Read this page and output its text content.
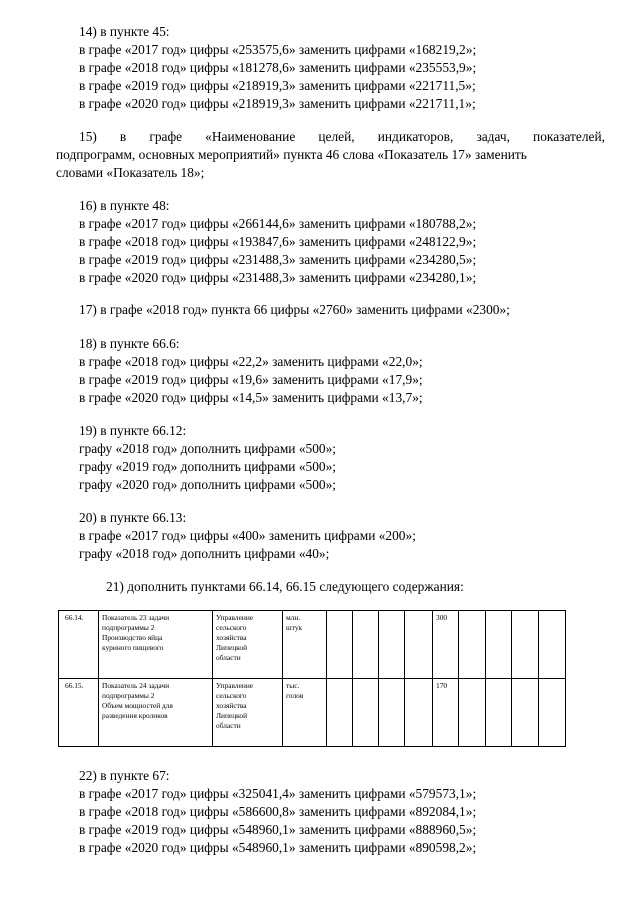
14) в пункте 45:
в графе «2017 год» цифры «253575,6» заменить цифрами «168219,2»;
в графе «2018 год» цифры «181278,6» заменить цифрами «235553,9»;
в графе «2019 год» цифры «218919,3» заменить цифрами «221711,5»;
в графе «2020 год» цифры «218919,3» заменить цифрами «221711,1»;
15) в графе «Наименование целей, индикаторов, задач, показателей,
подпрограмм, основных мероприятий» пункта 46 слова «Показатель 17» заменить
словами «Показатель 18»;
16) в пункте 48:
в графе «2017 год» цифры «266144,6» заменить цифрами «180788,2»;
в графе «2018 год» цифры «193847,6» заменить цифрами «248122,9»;
в графе «2019 год» цифры «231488,3» заменить цифрами «234280,5»;
в графе «2020 год» цифры «231488,3» заменить цифрами «234280,1»;
17) в графе «2018 год» пункта 66 цифры «2760» заменить цифрами «2300»;
18) в пункте 66.6:
в графе «2018 год» цифры «22,2» заменить цифрами «22,0»;
в графе «2019 год» цифры «19,6» заменить цифрами «17,9»;
в графе «2020 год» цифры «14,5» заменить цифрами «13,7»;
19) в пункте 66.12:
графу «2018 год» дополнить цифрами «500»;
графу «2019 год» дополнить цифрами «500»;
графу «2020 год» дополнить цифрами «500»;
20) в пункте 66.13:
в графе «2017 год» цифры «400» заменить цифрами «200»;
графу «2018 год» дополнить цифрами «40»;
21) дополнить пунктами 66.14, 66.15 следующего содержания:
66.14.	Показатель 23 задачи
подпрограммы 2
Производство яйца
куриного пищевого	Управление
сельского
хозяйства
Липецкой
области	млн.
штук					300				
66.15.	Показатель 24 задачи
подпрограммы 2
Объем мощностей для
разведения кроликов	Управление
сельского
хозяйства
Липецкой
области	тыс.
голов					170				
22) в пункте 67:
в графе «2017 год» цифры «325041,4» заменить цифрами «579573,1»;
в графе «2018 год» цифры «586600,8» заменить цифрами «892084,1»;
в графе «2019 год» цифры «548960,1» заменить цифрами «888960,5»;
в графе «2020 год» цифры «548960,1» заменить цифрами «890598,2»;
